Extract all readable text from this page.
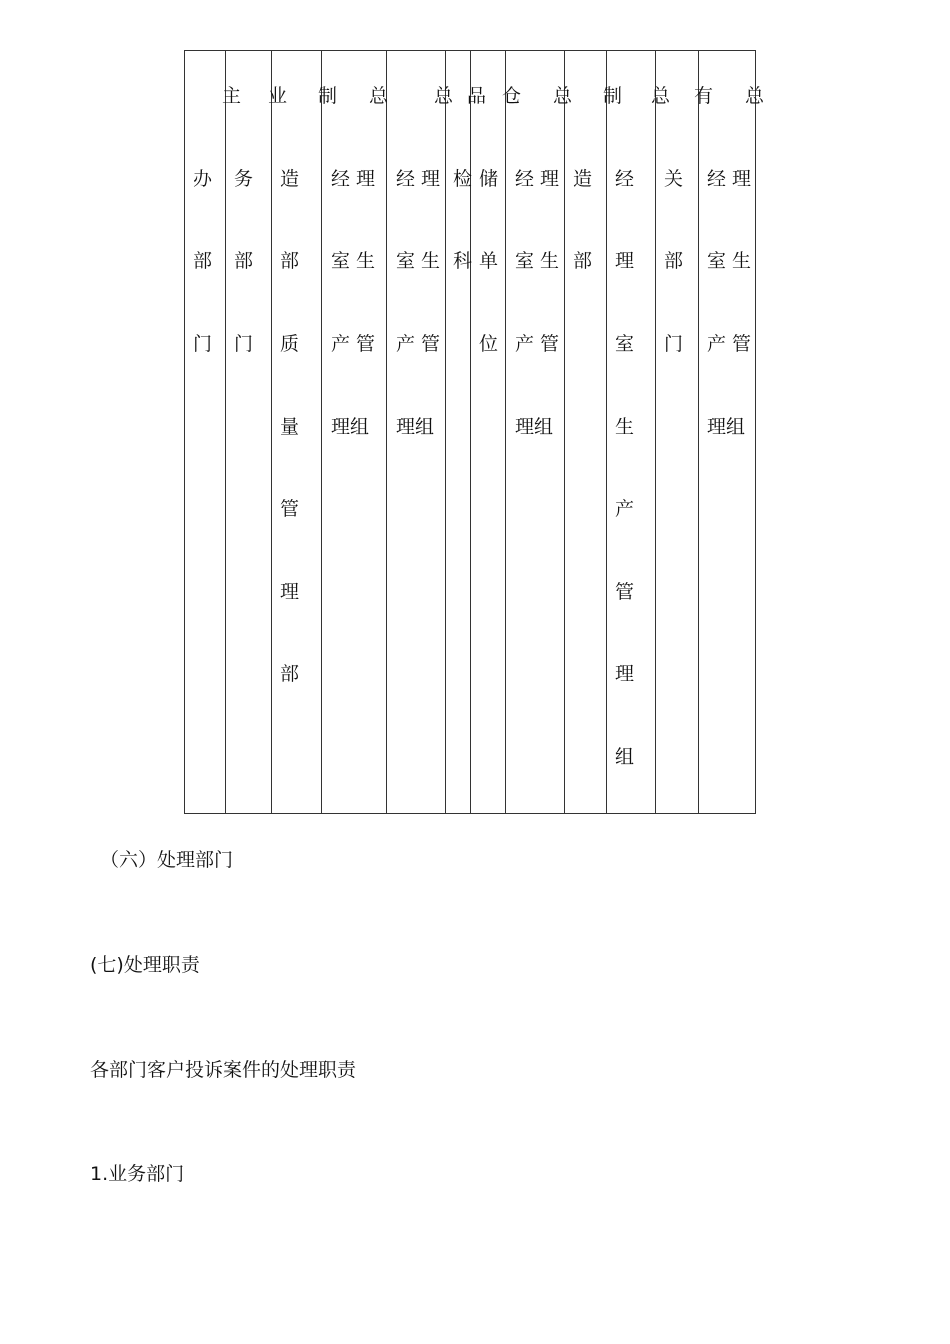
主 业 制 总 总 品 仓 总 制 总 有 总
办
部
门
务
部
门
造
部
质
量
管
理
部
经 理
室 生
产 管
理组
经 理
室 生
产 管
理组
检
科
储
单
位
经 理
室 生
产 管
理组
造
部
经
理
室
生
产
管
理
组
关
部
门
经 理
室 生
产 管
理组
（六）处理部门
(七)处理职责
各部门客户投诉案件的处理职责
1.业务部门
